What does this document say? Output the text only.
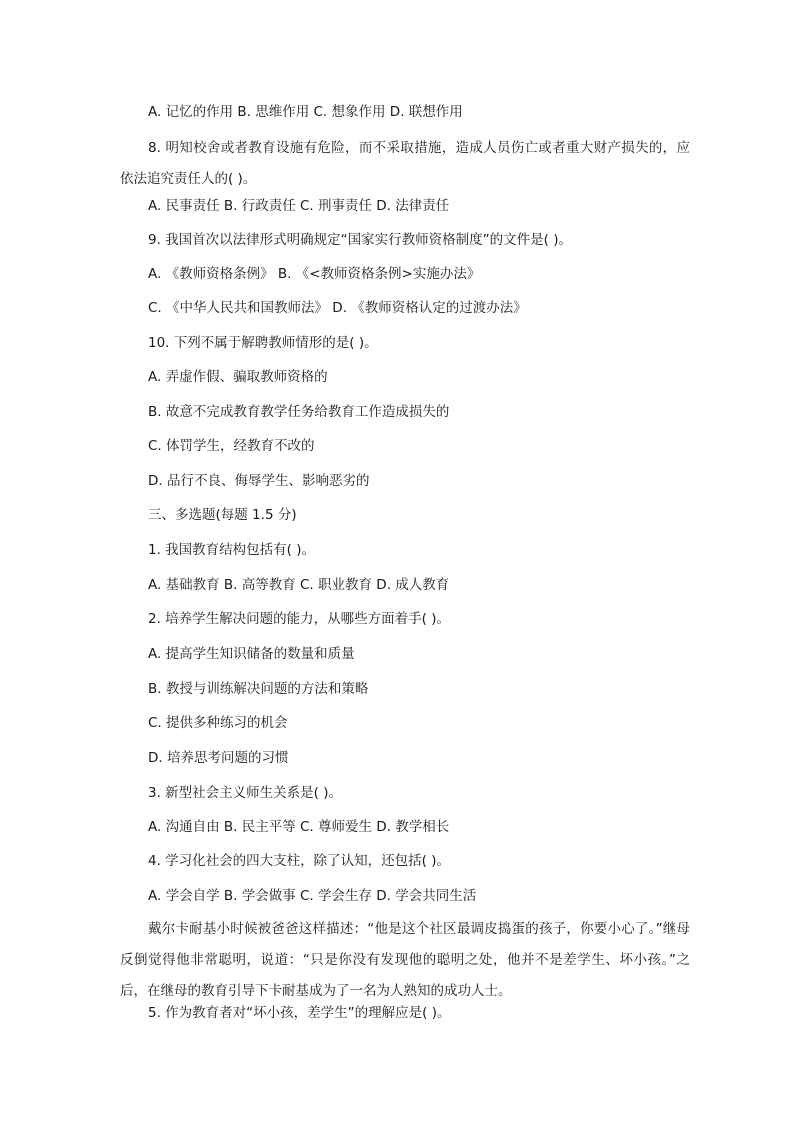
A. 记忆的作用 B. 思维作用 C. 想象作用 D. 联想作用
8. 明知校舍或者教育设施有危险，而不采取措施，造成人员伤亡或者重大财产损失的，应依法追究责任人的( )。
A. 民事责任 B. 行政责任 C. 刑事责任 D. 法律责任
9. 我国首次以法律形式明确规定“国家实行教师资格制度”的文件是( )。
A. 《教师资格条例》 B. 《<教师资格条例>实施办法》
C. 《中华人民共和国教师法》 D. 《教师资格认定的过渡办法》
10. 下列不属于解聘教师情形的是( )。
A. 弄虚作假、骗取教师资格的
B. 故意不完成教育教学任务给教育工作造成损失的
C. 体罚学生，经教育不改的
D. 品行不良、侮辱学生、影响恶劣的
三、多选题(每题 1.5 分)
1. 我国教育结构包括有( )。
A. 基础教育 B. 高等教育 C. 职业教育 D. 成人教育
2. 培养学生解决问题的能力，从哪些方面着手( )。
A. 提高学生知识储备的数量和质量
B. 教授与训练解决问题的方法和策略
C. 提供多种练习的机会
D. 培养思考问题的习惯
3. 新型社会主义师生关系是( )。
A. 沟通自由 B. 民主平等 C. 尊师爱生 D. 教学相长
4. 学习化社会的四大支柱，除了认知，还包括( )。
A. 学会自学 B. 学会做事 C. 学会生存 D. 学会共同生活
戴尔卡耐基小时候被爸爸这样描述：“他是这个社区最调皮捣蛋的孩子，你要小心了。”继母反倒觉得他非常聪明，说道：“只是你没有发现他的聪明之处，他并不是差学生、坏小孩。”之后，在继母的教育引导下卡耐基成为了一名为人熟知的成功人士。
5. 作为教育者对“坏小孩，差学生”的理解应是( )。
